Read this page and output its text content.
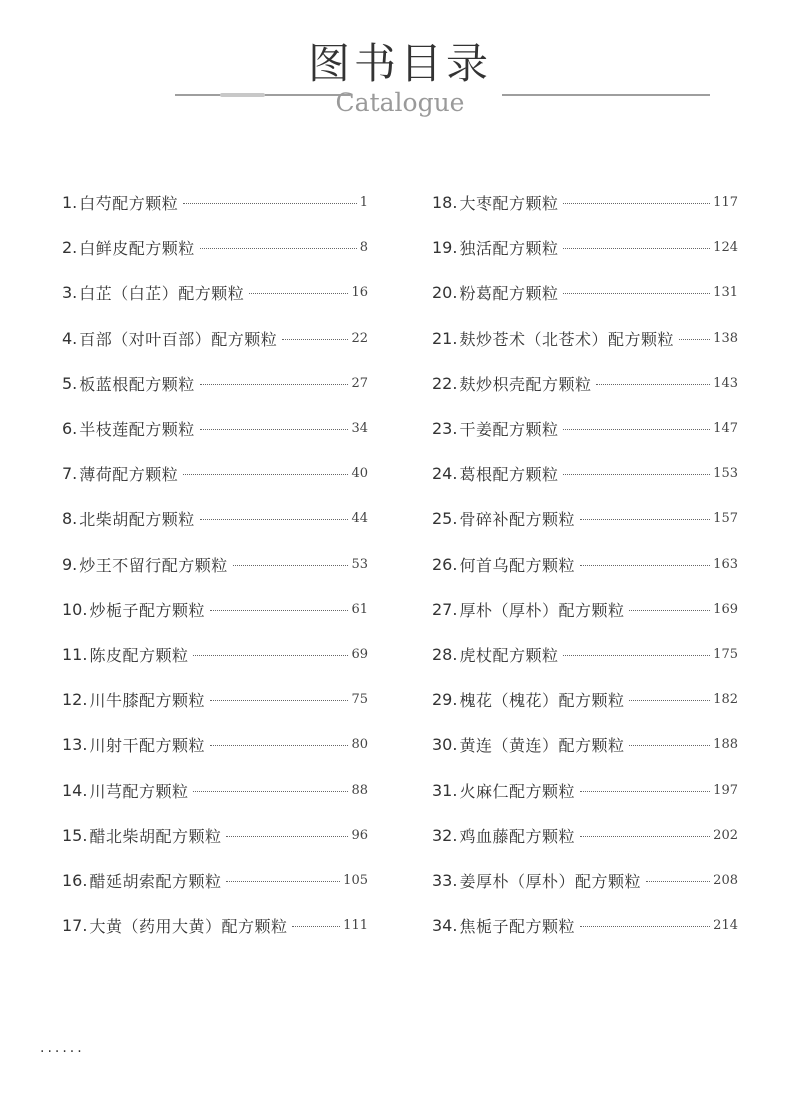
图书目录
Catalogue
1. 白芍配方颗粒	1
2. 白鲜皮配方颗粒	8
3. 白芷（白芷）配方颗粒	16
4. 百部（对叶百部）配方颗粒	22
5. 板蓝根配方颗粒	27
6. 半枝莲配方颗粒	34
7. 薄荷配方颗粒	40
8. 北柴胡配方颗粒	44
9. 炒王不留行配方颗粒	53
10. 炒栀子配方颗粒	61
11. 陈皮配方颗粒	69
12. 川牛膝配方颗粒	75
13. 川射干配方颗粒	80
14. 川芎配方颗粒	88
15. 醋北柴胡配方颗粒	96
16. 醋延胡索配方颗粒	105
17. 大黄（药用大黄）配方颗粒	111
18. 大枣配方颗粒	117
19. 独活配方颗粒	124
20. 粉葛配方颗粒	131
21. 麸炒苍术（北苍术）配方颗粒	138
22. 麸炒枳壳配方颗粒	143
23. 干姜配方颗粒	147
24. 葛根配方颗粒	153
25. 骨碎补配方颗粒	157
26. 何首乌配方颗粒	163
27. 厚朴（厚朴）配方颗粒	169
28. 虎杖配方颗粒	175
29. 槐花（槐花）配方颗粒	182
30. 黄连（黄连）配方颗粒	188
31. 火麻仁配方颗粒	197
32. 鸡血藤配方颗粒	202
33. 姜厚朴（厚朴）配方颗粒	208
34. 焦栀子配方颗粒	214
......
